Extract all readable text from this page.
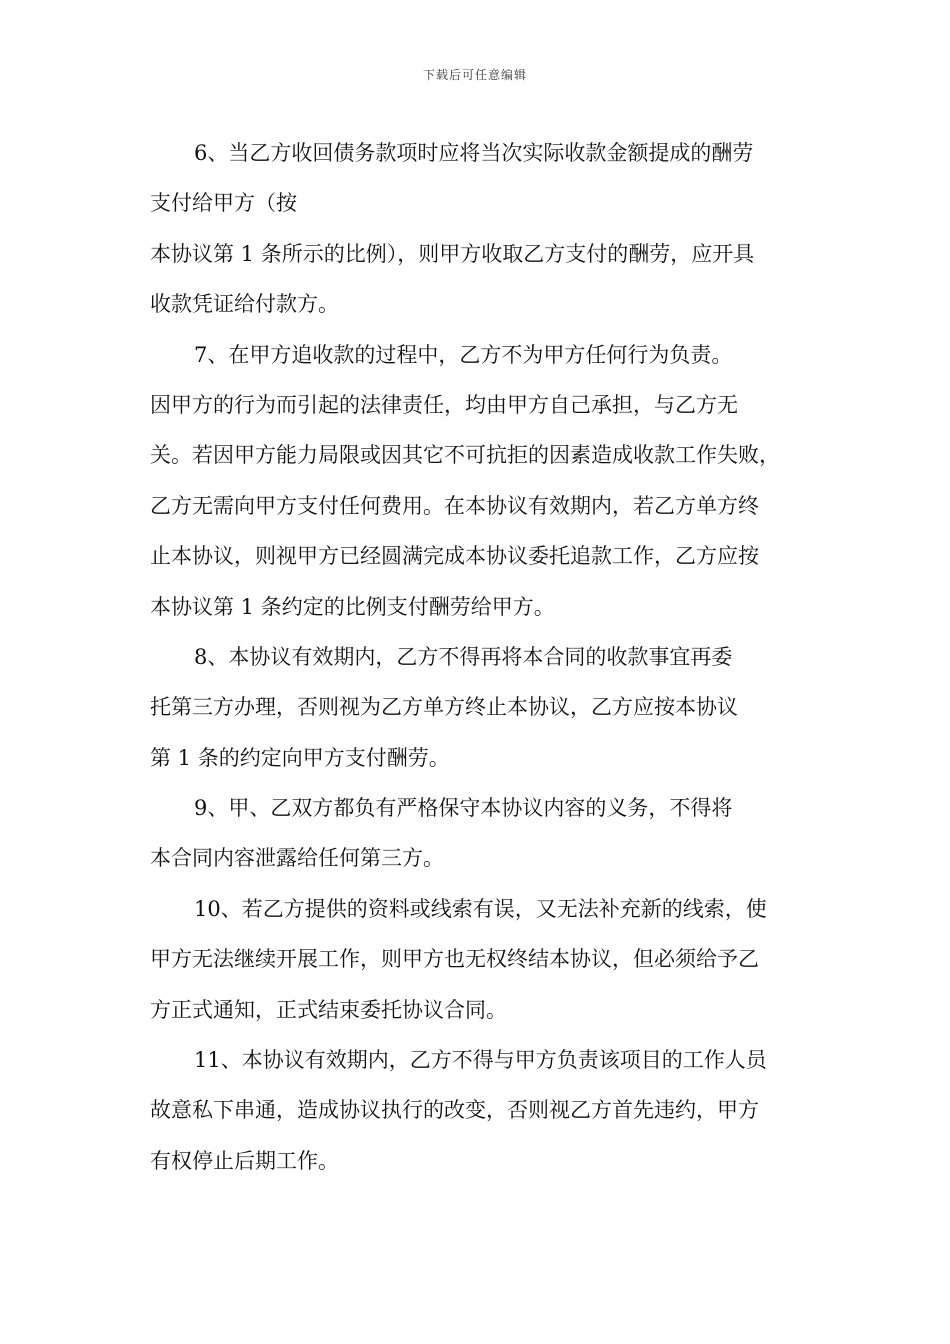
下载后可任意编辑
6、当乙方收回债务款项时应将当次实际收款金额提成的酬劳
支付给甲方（按
本协议第 1 条所示的比例），则甲方收取乙方支付的酬劳，应开具
收款凭证给付款方。
7、在甲方追收款的过程中，乙方不为甲方任何行为负责。
因甲方的行为而引起的法律责任，均由甲方自己承担，与乙方无
关。若因甲方能力局限或因其它不可抗拒的因素造成收款工作失败，
乙方无需向甲方支付任何费用。在本协议有效期内，若乙方单方终
止本协议，则视甲方已经圆满完成本协议委托追款工作，乙方应按
本协议第 1 条约定的比例支付酬劳给甲方。
8、本协议有效期内，乙方不得再将本合同的收款事宜再委
托第三方办理，否则视为乙方单方终止本协议，乙方应按本协议
第 1 条的约定向甲方支付酬劳。
9、甲、乙双方都负有严格保守本协议内容的义务，不得将
本合同内容泄露给任何第三方。
10、若乙方提供的资料或线索有误，又无法补充新的线索，使
甲方无法继续开展工作，则甲方也无权终结本协议，但必须给予乙
方正式通知，正式结束委托协议合同。
11、本协议有效期内，乙方不得与甲方负责该项目的工作人员
故意私下串通，造成协议执行的改变，否则视乙方首先违约，甲方
有权停止后期工作。
